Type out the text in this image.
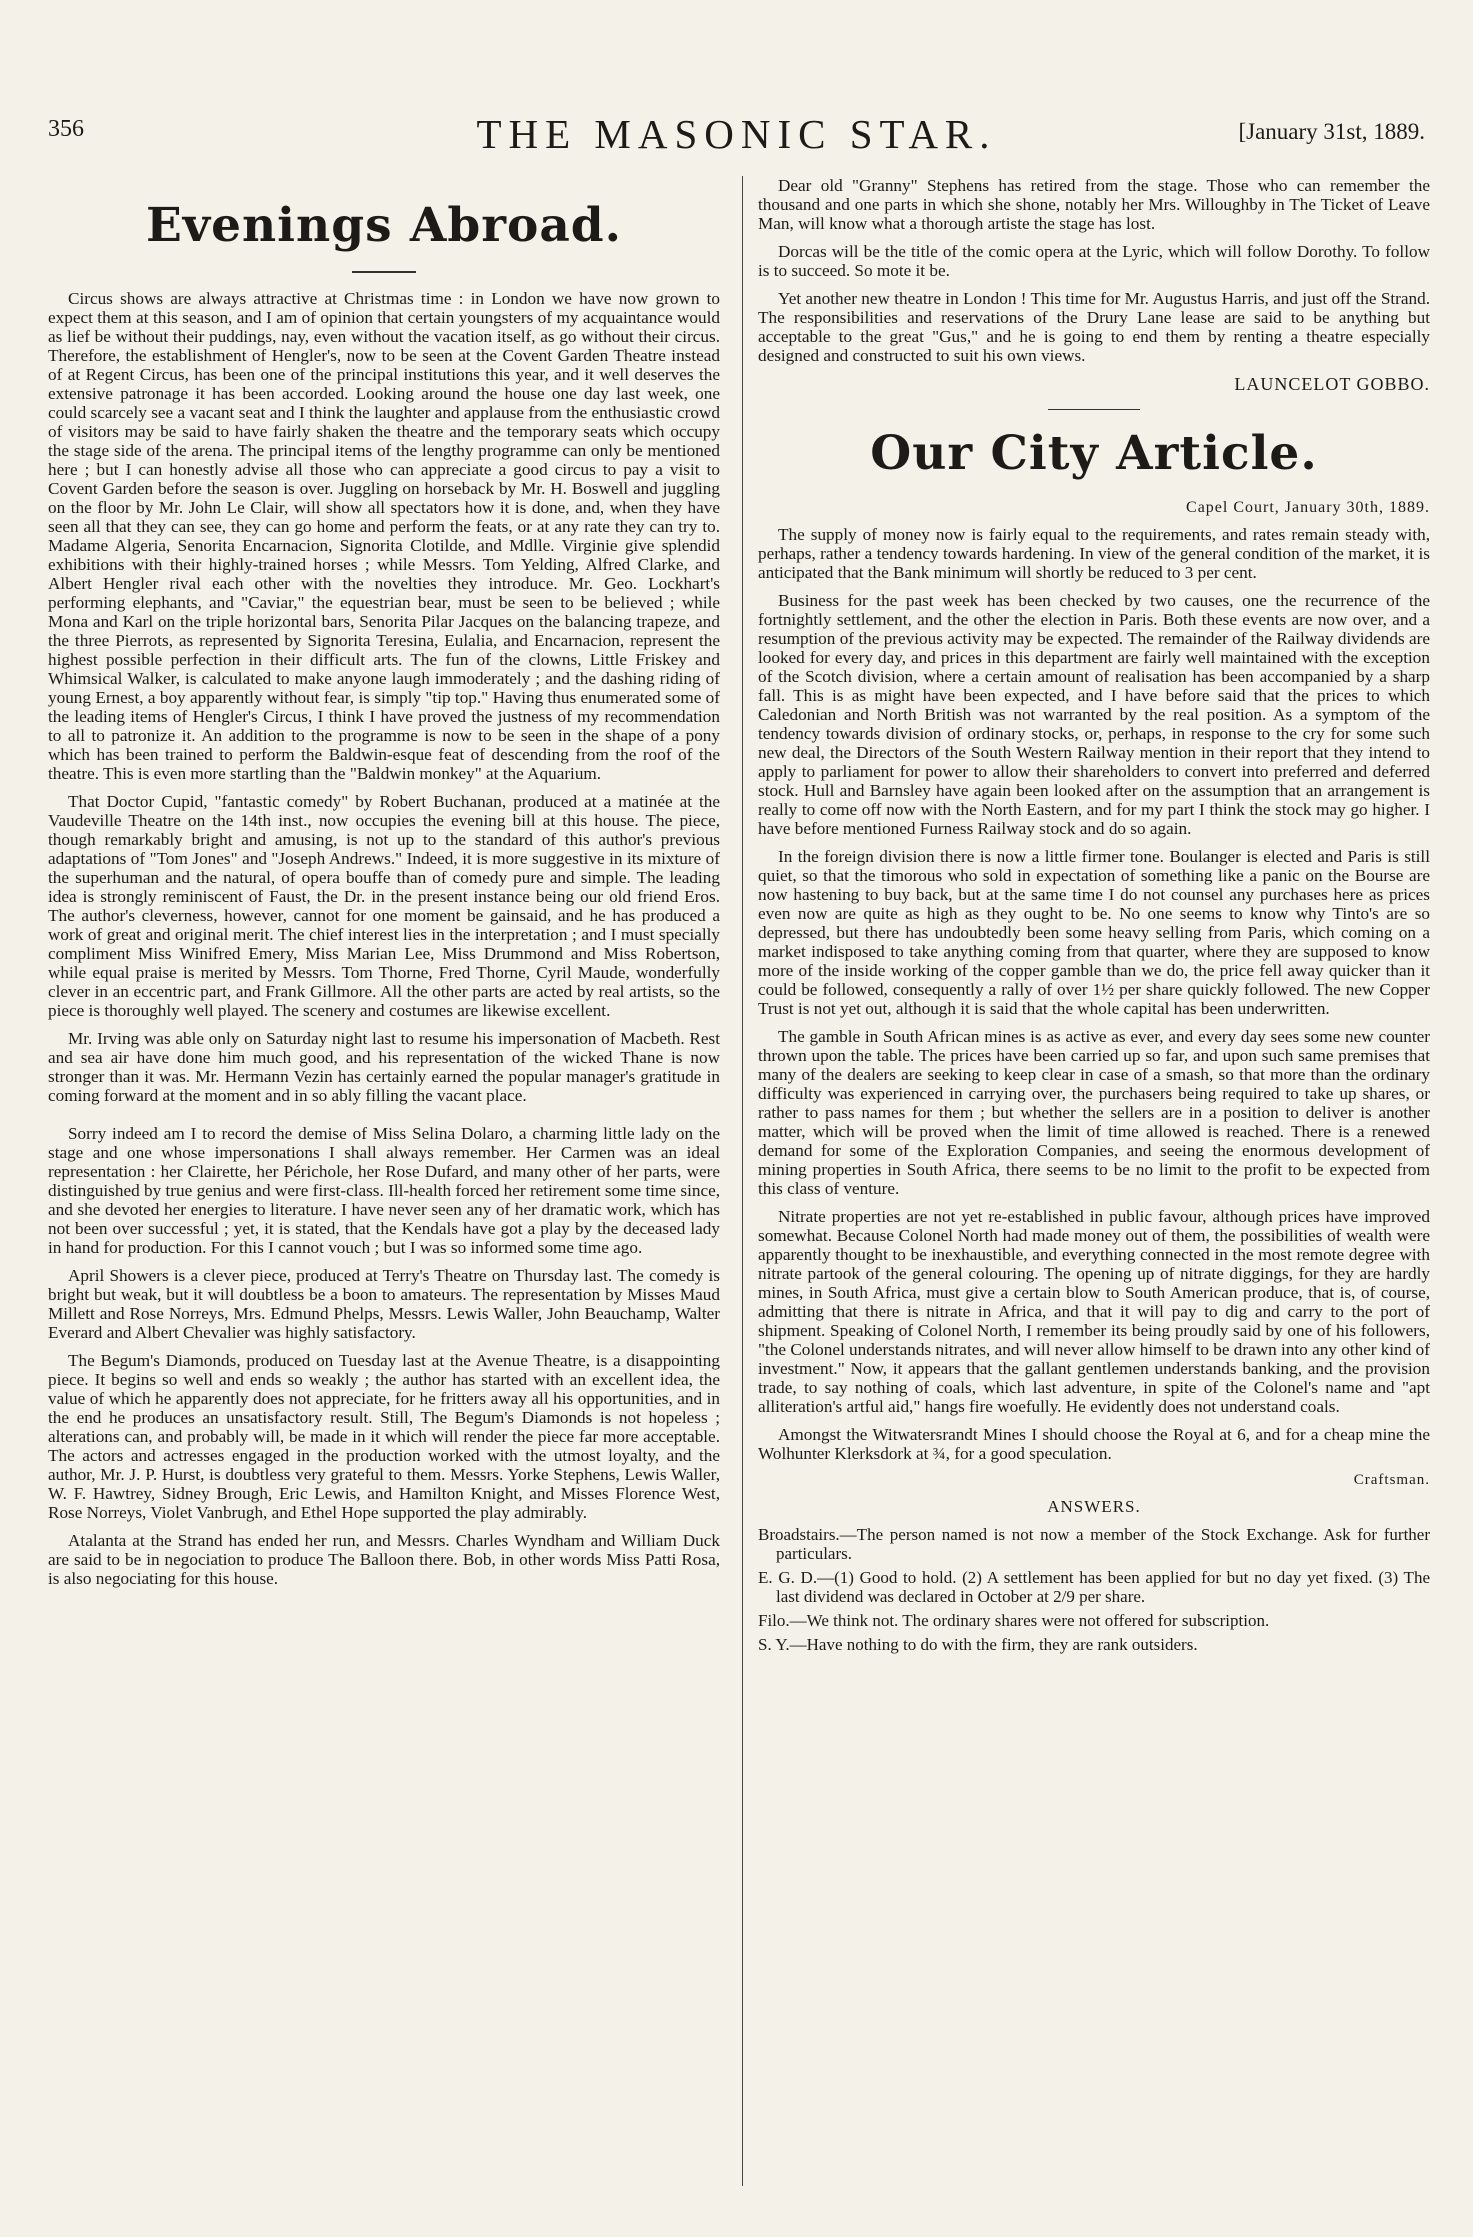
356	THE MASONIC STAR.	[January 31st, 1889.
Evenings Abroad.

Circus shows are always attractive at Christmas time : in London we have now grown to expect them at this season, and I am of opinion that certain youngsters of my acquaintance would as lief be without their puddings, nay, even without the vacation itself, as go without their circus. Therefore, the establishment of Hengler's, now to be seen at the Covent Garden Theatre instead of at Regent Circus, has been one of the principal institutions this year, and it well deserves the extensive patronage it has been accorded. Looking around the house one day last week, one could scarcely see a vacant seat and I think the laughter and applause from the enthusiastic crowd of visitors may be said to have fairly shaken the theatre and the temporary seats which occupy the stage side of the arena. The principal items of the lengthy programme can only be mentioned here ; but I can honestly advise all those who can appreciate a good circus to pay a visit to Covent Garden before the season is over. Juggling on horseback by Mr. H. Boswell and juggling on the floor by Mr. John Le Clair, will show all spectators how it is done, and, when they have seen all that they can see, they can go home and perform the feats, or at any rate they can try to. Madame Algeria, Senorita Encarnacion, Signorita Clotilde, and Mdlle. Virginie give splendid exhibitions with their highly-trained horses ; while Messrs. Tom Yelding, Alfred Clarke, and Albert Hengler rival each other with the novelties they introduce. Mr. Geo. Lockhart's performing elephants, and "Caviar," the equestrian bear, must be seen to be believed ; while Mona and Karl on the triple horizontal bars, Senorita Pilar Jacques on the balancing trapeze, and the three Pierrots, as represented by Signorita Teresina, Eulalia, and Encarnacion, represent the highest possible perfection in their difficult arts. The fun of the clowns, Little Friskey and Whimsical Walker, is calculated to make anyone laugh immoderately ; and the dashing riding of young Ernest, a boy apparently without fear, is simply "tip top." Having thus enumerated some of the leading items of Hengler's Circus, I think I have proved the justness of my recommendation to all to patronize it. An addition to the programme is now to be seen in the shape of a pony which has been trained to perform the Baldwin-esque feat of descending from the roof of the theatre. This is even more startling than the "Baldwin monkey" at the Aquarium.

That Doctor Cupid, "fantastic comedy" by Robert Buchanan, produced at a matinée at the Vaudeville Theatre on the 14th inst., now occupies the evening bill at this house. The piece, though remarkably bright and amusing, is not up to the standard of this author's previous adaptations of "Tom Jones" and "Joseph Andrews." Indeed, it is more suggestive in its mixture of the superhuman and the natural, of opera bouffe than of comedy pure and simple. The leading idea is strongly reminiscent of Faust, the Dr. in the present instance being our old friend Eros. The author's cleverness, however, cannot for one moment be gainsaid, and he has produced a work of great and original merit. The chief interest lies in the interpretation ; and I must specially compliment Miss Winifred Emery, Miss Marian Lee, Miss Drummond and Miss Robertson, while equal praise is merited by Messrs. Tom Thorne, Fred Thorne, Cyril Maude, wonderfully clever in an eccentric part, and Frank Gillmore. All the other parts are acted by real artists, so the piece is thoroughly well played. The scenery and costumes are likewise excellent.

Mr. Irving was able only on Saturday night last to resume his impersonation of Macbeth. Rest and sea air have done him much good, and his representation of the wicked Thane is now stronger than it was. Mr. Hermann Vezin has certainly earned the popular manager's gratitude in coming forward at the moment and in so ably filling the vacant place.

Sorry indeed am I to record the demise of Miss Selina Dolaro, a charming little lady on the stage and one whose impersonations I shall always remember. Her Carmen was an ideal representation : her Clairette, her Périchole, her Rose Dufard, and many other of her parts, were distinguished by true genius and were first-class. Ill-health forced her retirement some time since, and she devoted her energies to literature. I have never seen any of her dramatic work, which has not been over successful ; yet, it is stated, that the Kendals have got a play by the deceased lady in hand for production. For this I cannot vouch ; but I was so informed some time ago.

April Showers is a clever piece, produced at Terry's Theatre on Thursday last. The comedy is bright but weak, but it will doubtless be a boon to amateurs. The representation by Misses Maud Millett and Rose Norreys, Mrs. Edmund Phelps, Messrs. Lewis Waller, John Beauchamp, Walter Everard and Albert Chevalier was highly satisfactory.

The Begum's Diamonds, produced on Tuesday last at the Avenue Theatre, is a disappointing piece. It begins so well and ends so weakly ; the author has started with an excellent idea, the value of which he apparently does not appreciate, for he fritters away all his opportunities, and in the end he produces an unsatisfactory result. Still, The Begum's Diamonds is not hopeless ; alterations can, and probably will, be made in it which will render the piece far more acceptable. The actors and actresses engaged in the production worked with the utmost loyalty, and the author, Mr. J. P. Hurst, is doubtless very grateful to them. Messrs. Yorke Stephens, Lewis Waller, W. F. Hawtrey, Sidney Brough, Eric Lewis, and Hamilton Knight, and Misses Florence West, Rose Norreys, Violet Vanbrugh, and Ethel Hope supported the play admirably.

Atalanta at the Strand has ended her run, and Messrs. Charles Wyndham and William Duck are said to be in negociation to produce The Balloon there. Bob, in other words Miss Patti Rosa, is also negociating for this house.

Dear old "Granny" Stephens has retired from the stage. Those who can remember the thousand and one parts in which she shone, notably her Mrs. Willoughby in The Ticket of Leave Man, will know what a thorough artiste the stage has lost.

Dorcas will be the title of the comic opera at the Lyric, which will follow Dorothy. To follow is to succeed. So mote it be.

Yet another new theatre in London ! This time for Mr. Augustus Harris, and just off the Strand. The responsibilities and reservations of the Drury Lane lease are said to be anything but acceptable to the great "Gus," and he is going to end them by renting a theatre especially designed and constructed to suit his own views.

LAUNCELOT GOBBO.
Our City Article.
Capel Court, January 30th, 1889.

The supply of money now is fairly equal to the requirements, and rates remain steady with, perhaps, rather a tendency towards hardening. In view of the general condition of the market, it is anticipated that the Bank minimum will shortly be reduced to 3 per cent.

Business for the past week has been checked by two causes, one the recurrence of the fortnightly settlement, and the other the election in Paris. Both these events are now over, and a resumption of the previous activity may be expected. The remainder of the Railway dividends are looked for every day, and prices in this department are fairly well maintained with the exception of the Scotch division, where a certain amount of realisation has been accompanied by a sharp fall. This is as might have been expected, and I have before said that the prices to which Caledonian and North British was not warranted by the real position. As a symptom of the tendency towards division of ordinary stocks, or, perhaps, in response to the cry for some such new deal, the Directors of the South Western Railway mention in their report that they intend to apply to parliament for power to allow their shareholders to convert into preferred and deferred stock. Hull and Barnsley have again been looked after on the assumption that an arrangement is really to come off now with the North Eastern, and for my part I think the stock may go higher. I have before mentioned Furness Railway stock and do so again.

In the foreign division there is now a little firmer tone. Boulanger is elected and Paris is still quiet, so that the timorous who sold in expectation of something like a panic on the Bourse are now hastening to buy back, but at the same time I do not counsel any purchases here as prices even now are quite as high as they ought to be. No one seems to know why Tinto's are so depressed, but there has undoubtedly been some heavy selling from Paris, which coming on a market indisposed to take anything coming from that quarter, where they are supposed to know more of the inside working of the copper gamble than we do, the price fell away quicker than it could be followed, consequently a rally of over 1½ per share quickly followed. The new Copper Trust is not yet out, although it is said that the whole capital has been underwritten.

The gamble in South African mines is as active as ever, and every day sees some new counter thrown upon the table. The prices have been carried up so far, and upon such same premises that many of the dealers are seeking to keep clear in case of a smash, so that more than the ordinary difficulty was experienced in carrying over, the purchasers being required to take up shares, or rather to pass names for them ; but whether the sellers are in a position to deliver is another matter, which will be proved when the limit of time allowed is reached. There is a renewed demand for some of the Exploration Companies, and seeing the enormous development of mining properties in South Africa, there seems to be no limit to the profit to be expected from this class of venture.

Nitrate properties are not yet re-established in public favour, although prices have improved somewhat. Because Colonel North had made money out of them, the possibilities of wealth were apparently thought to be inexhaustible, and everything connected in the most remote degree with nitrate partook of the general colouring. The opening up of nitrate diggings, for they are hardly mines, in South Africa, must give a certain blow to South American produce, that is, of course, admitting that there is nitrate in Africa, and that it will pay to dig and carry to the port of shipment. Speaking of Colonel North, I remember its being proudly said by one of his followers, "the Colonel understands nitrates, and will never allow himself to be drawn into any other kind of investment." Now, it appears that the gallant gentlemen understands banking, and the provision trade, to say nothing of coals, which last adventure, in spite of the Colonel's name and "apt alliteration's artful aid," hangs fire woefully. He evidently does not understand coals.

Amongst the Witwatersrandt Mines I should choose the Royal at 6, and for a cheap mine the Wolhunter Klerksdork at ¾, for a good speculation.

Craftsman.
ANSWERS.
Broadstairs.—The person named is not now a member of the Stock Exchange. Ask for further particulars.
E. G. D.—(1) Good to hold. (2) A settlement has been applied for but no day yet fixed. (3) The last dividend was declared in October at 2/9 per share.
Filo.—We think not. The ordinary shares were not offered for subscription.
S. Y.—Have nothing to do with the firm, they are rank outsiders.
